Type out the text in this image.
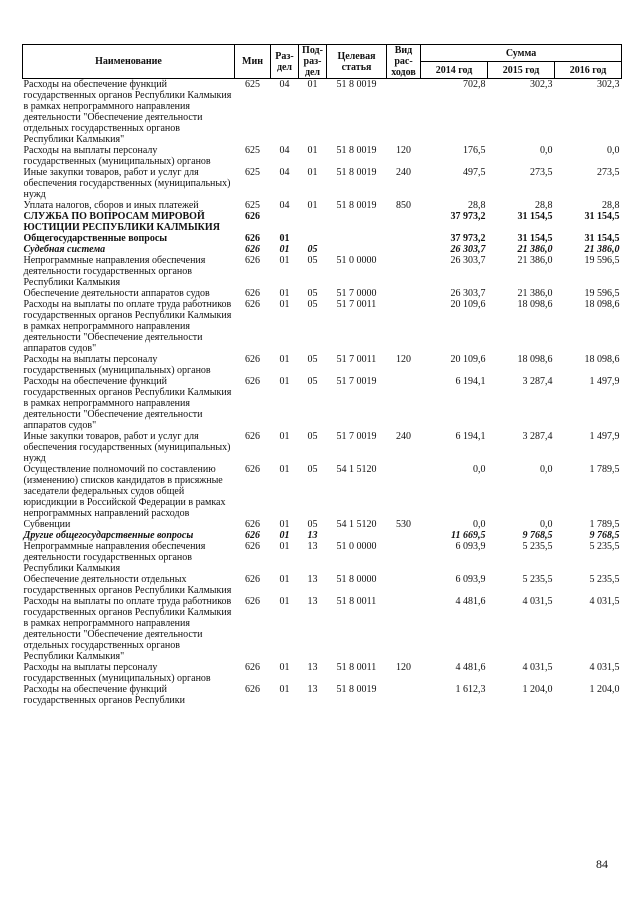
Наименование	Мин	Раз-дел	Под-раз-дел	Целевая статья	Вид рас-ходов	Сумма		
						2014 год	2015 год	2016 год
Расходы на обеспечение функций государственных органов Республики Калмыкия в рамках непрограммного направления деятельности "Обеспечение деятельности отдельных государственных органов Республики Калмыкия"	625	04	01	51 8 0019		702,8	302,3	302,3
Расходы на выплаты персоналу государственных (муниципальных) органов	625	04	01	51 8 0019	120	176,5	0,0	0,0
Иные закупки товаров, работ и услуг для обеспечения государственных (муниципальных) нужд	625	04	01	51 8 0019	240	497,5	273,5	273,5
Уплата налогов, сборов и иных платежей	625	04	01	51 8 0019	850	28,8	28,8	28,8
СЛУЖБА ПО ВОПРОСАМ МИРОВОЙ ЮСТИЦИИ РЕСПУБЛИКИ КАЛМЫКИЯ	626					37 973,2	31 154,5	31 154,5
Общегосударственные вопросы	626	01				37 973,2	31 154,5	31 154,5
Судебная система	626	01	05			26 303,7	21 386,0	21 386,0
Непрограммные направления обеспечения деятельности государственных органов Республики Калмыкия	626	01	05	51 0 0000		26 303,7	21 386,0	19 596,5
Обеспечение деятельности аппаратов судов	626	01	05	51 7 0000		26 303,7	21 386,0	19 596,5
Расходы на выплаты по оплате труда работников государственных органов Республики Калмыкия в рамках непрограммного направления деятельности "Обеспечение деятельности аппаратов судов"	626	01	05	51 7 0011		20 109,6	18 098,6	18 098,6
Расходы на выплаты персоналу государственных (муниципальных) органов	626	01	05	51 7 0011	120	20 109,6	18 098,6	18 098,6
Расходы на обеспечение функций государственных органов Республики Калмыкия в рамках непрограммного направления деятельности "Обеспечение деятельности аппаратов судов"	626	01	05	51 7 0019		6 194,1	3 287,4	1 497,9
Иные закупки товаров, работ и услуг для обеспечения государственных (муниципальных) нужд	626	01	05	51 7 0019	240	6 194,1	3 287,4	1 497,9
Осуществление полномочий по составлению (изменению) списков кандидатов в присяжные заседатели федеральных судов общей юрисдикции в Российской Федерации в рамках непрограммных направлений расходов	626	01	05	54 1 5120		0,0	0,0	1 789,5
Субвенции	626	01	05	54 1 5120	530	0,0	0,0	1 789,5
Другие общегосударственные вопросы	626	01	13			11 669,5	9 768,5	9 768,5
Непрограммные направления обеспечения деятельности государственных органов Республики Калмыкия	626	01	13	51 0 0000		6 093,9	5 235,5	5 235,5
Обеспечение деятельности отдельных государственных органов Республики Калмыкия	626	01	13	51 8 0000		6 093,9	5 235,5	5 235,5
Расходы на выплаты по оплате труда работников государственных органов Республики Калмыкия в рамках непрограммного направления деятельности "Обеспечение деятельности отдельных государственных органов Республики Калмыкия"	626	01	13	51 8 0011		4 481,6	4 031,5	4 031,5
Расходы на выплаты персоналу государственных (муниципальных) органов	626	01	13	51 8 0011	120	4 481,6	4 031,5	4 031,5
Расходы на обеспечение функций государственных органов Республики	626	01	13	51 8 0019		1 612,3	1 204,0	1 204,0
84
